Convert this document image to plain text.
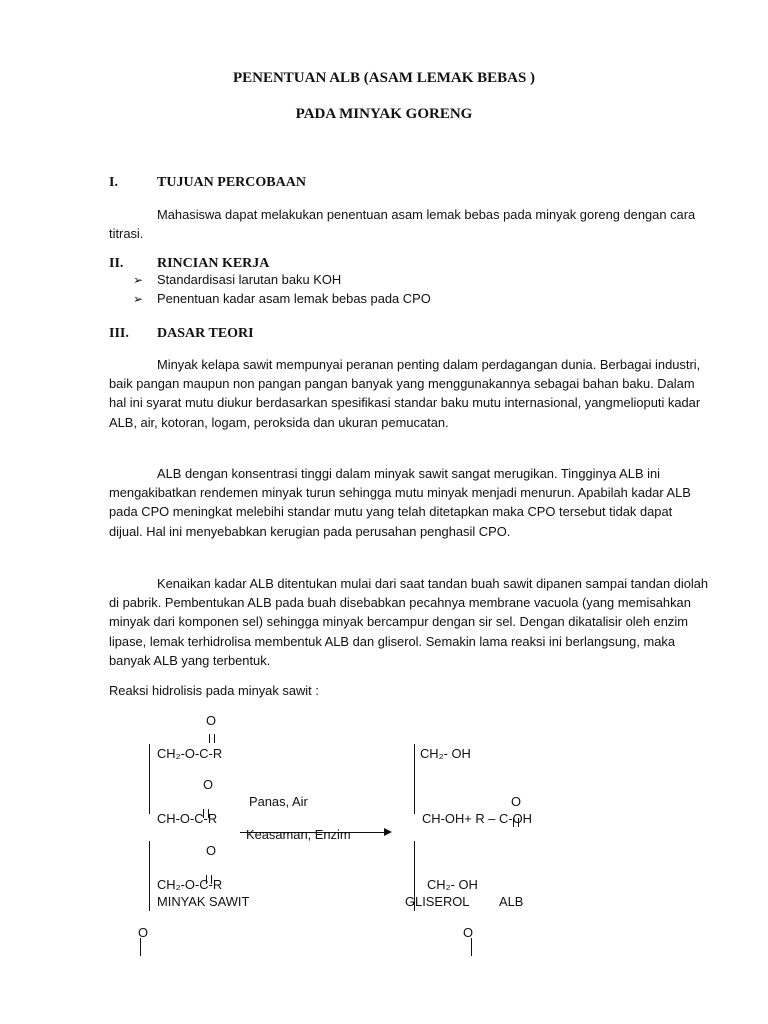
PENENTUAN ALB (ASAM LEMAK BEBAS )
PADA MINYAK GORENG
I.	TUJUAN PERCOBAAN
Mahasiswa dapat melakukan penentuan asam lemak bebas pada minyak goreng dengan cara titrasi.
II. RINCIAN KERJA
➢ Standardisasi larutan baku KOH
➢ Penentuan kadar asam lemak bebas pada CPO
III. DASAR TEORI
Minyak kelapa sawit mempunyai peranan penting dalam perdagangan dunia. Berbagai industri, baik pangan maupun non pangan pangan banyak yang menggunakannya sebagai bahan baku. Dalam hal ini syarat mutu diukur berdasarkan spesifikasi standar baku mutu internasional, yangmelioputi kadar ALB, air, kotoran, logam, peroksida dan ukuran pemucatan.
ALB dengan konsentrasi tinggi dalam minyak sawit sangat merugikan. Tingginya ALB ini mengakibatkan rendemen minyak turun sehingga mutu minyak menjadi menurun. Apabilah kadar ALB pada CPO meningkat melebihi standar mutu yang telah ditetapkan maka CPO tersebut tidak dapat dijual. Hal ini menyebabkan kerugian pada perusahan penghasil CPO.
Kenaikan kadar ALB ditentukan mulai dari saat tandan buah sawit dipanen sampai tandan diolah di pabrik. Pembentukan ALB pada buah disebabkan pecahnya membrane vacuola (yang memisahkan minyak dari komponen sel) sehingga minyak bercampur dengan sir sel. Dengan dikatalisir oleh enzim lipase, lemak terhidrolisa membentuk ALB dan gliserol. Semakin lama reaksi ini berlangsung, maka banyak ALB yang terbentuk.
Reaksi hidrolisis pada minyak sawit :
O
O
O
O
O	O
CH₂-O-C-R
CH-O-C-R
CH₂-O-C-R
MINYAK SAWIT
Panas, Air
Keasaman, Enzim
CH₂- OH
CH-OH+ R – C-OH
CH₂- OH
GLISEROL ALB
